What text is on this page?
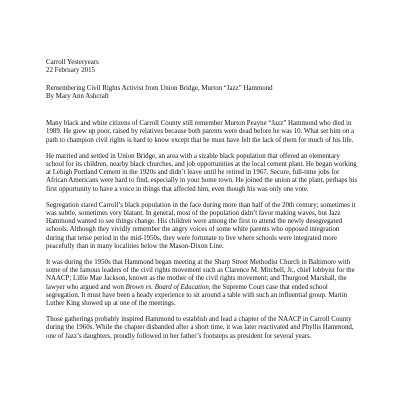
Carroll Yesteryears
22 February 2015
Remembering Civil Rights Activist from Union Bridge, Murton “Jazz” Hammond
By Mary Ann Ashcraft

Many black and white citizens of Carroll County still remember Murton Peayne “Jazz” Hammond who died in 1989. He grew up poor, raised by relatives because both parents were dead before he was 10. What set him on a path to champion civil rights is hard to know except that he must have felt the lack of them for much of his life.

He married and settled in Union Bridge, an area with a sizable black population that offered an elementary school for its children, nearby black churches, and job opportunities at the local cement plant. He began working at Lehigh Portland Cement in the 1920s and didn’t leave until he retired in 1967. Secure, full-time jobs for African Americans were hard to find, especially in your home town. He joined the union at the plant, perhaps his first opportunity to have a voice in things that affected him, even though his was only one vote.

Segregation stared Carroll’s black population in the face during more than half of the 20th century; sometimes it was subtle, sometimes very blatant. In general, most of the population didn’t favor making waves, but Jazz Hammond wanted to see things change. His children were among the first to attend the newly desegregated schools. Although they vividly remember the angry voices of some white parents who opposed integration during that tense period in the mid-1950s, they were fortunate to live where schools were integrated more peacefully than in many localities below the Mason-Dixon Line.

It was during the 1950s that Hammond began meeting at the Sharp Street Methodist Church in Baltimore with some of the famous leaders of the civil rights movement such as Clarence M. Mitchell, Jr., chief lobbyist for the NAACP; Lillie Mae Jackson, known as the mother of the civil rights movement; and Thurgood Marshall, the lawyer who argued and won Brown vs. Board of Education, the Supreme Court case that ended school segregation. It must have been a heady experience to sit around a table with such an influential group. Martin Luther King showed up at one of the meetings.

Those gatherings probably inspired Hammond to establish and lead a chapter of the NAACP in Carroll County during the 1960s. While the chapter disbanded after a short time, it was later reactivated and Phyllis Hammond, one of Jazz’s daughters, proudly followed in her father’s footsteps as president for several years.
